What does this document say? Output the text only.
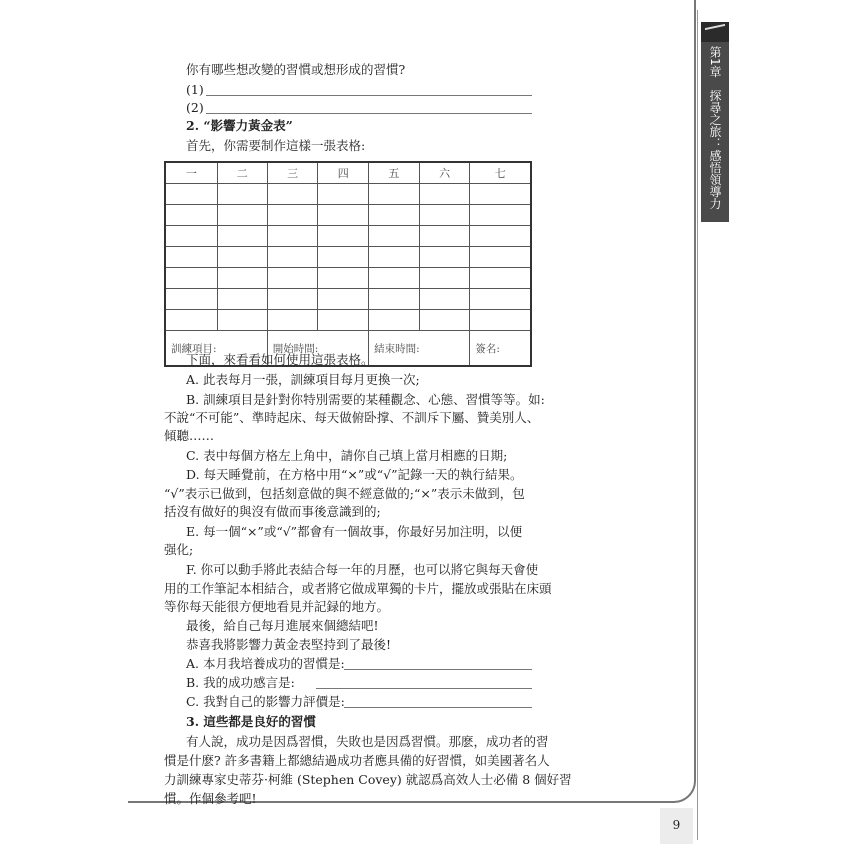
第1章　探尋之旅：感悟領導力
你有哪些想改變的習慣或想形成的習慣?
(1)
(2)
2. “影響力黃金表”
首先，你需要制作這樣一張表格:
一	二	三	四	五	六	七

訓練項目:		開始時間:		結束時間:		簽名:
下面，來看看如何使用這張表格。
A. 此表每月一張，訓練項目每月更換一次;
B. 訓練項目是針對你特別需要的某種觀念、心態、習慣等等。如:
不說“不可能”、準時起床、每天做俯卧撑、不訓斥下屬、贊美別人、
傾聽……
C. 表中每個方格左上角中，請你自己填上當月相應的日期;
D. 每天睡覺前，在方格中用“×”或“√”記錄一天的執行結果。
“√”表示已做到，包括刻意做的與不經意做的;“×”表示未做到，包
括沒有做好的與沒有做而事後意識到的;
E. 每一個“×”或“√”都會有一個故事，你最好另加注明，以便
强化;
F. 你可以動手將此表結合每一年的月歷，也可以將它與每天會使
用的工作筆記本相結合，或者將它做成單獨的卡片，擺放或張貼在床頭
等你每天能很方便地看見并記録的地方。
最後，給自己每月進展來個總結吧!
恭喜我將影響力黃金表堅持到了最後!
A. 本月我培養成功的習慣是:
B. 我的成功感言是:
C. 我對自己的影響力評價是:
3. 這些都是良好的習慣
有人說，成功是因爲習慣，失敗也是因爲習慣。那麽，成功者的習
慣是什麽? 許多書籍上都總結過成功者應具備的好習慣，如美國著名人
力訓練專家史蒂芬·柯維 (Stephen Covey) 就認爲高效人士必備 8 個好習
慣。作個參考吧!
9
